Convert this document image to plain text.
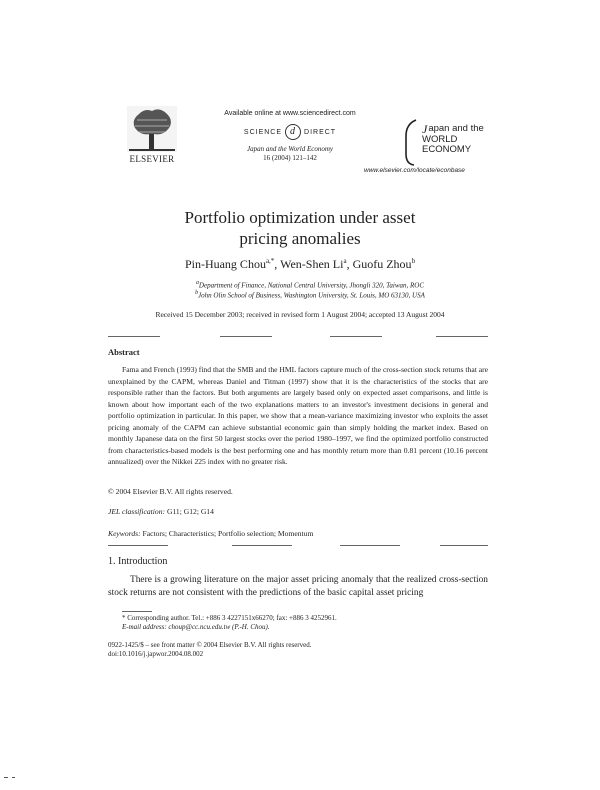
ELSEVIER
Available online at www.sciencedirect.com
SCIENCE d	DIRECT
Japan and the World Economy
16 (2004) 121–142
J apan and the
WORLD
ECONOMY
www.elsevier.com/locate/econbase
Portfolio optimization under asset
pricing anomalies
Pin-Huang Chou$^{a,*}$, Wen-Shen Li$^a$, Guofu Zhou$^b$
$^a$Department of Finance, National Central University, Jhongli 320, Taiwan, ROC
$^b$John Olin School of Business, Washington University, St. Louis, MO 63130, USA
Received 15 December 2003; received in revised form 1 August 2004; accepted 13 August 2004
Abstract
Fama and French (1993) find that the SMB and the HML factors capture much of the cross-section stock returns that are unexplained by the CAPM, whereas Daniel and Titman (1997) show that it is the characteristics of the stocks that are responsible rather than the factors. But both arguments are largely based only on expected asset comparisons, and little is known about how important each of the two explanations matters to an investor's investment decisions in general and portfolio optimization in particular. In this paper, we show that a mean-variance maximizing investor who exploits the asset pricing anomaly of the CAPM can achieve substantial economic gain than simply holding the market index. Based on monthly Japanese data on the first 50 largest stocks over the period 1980–1997, we find the optimized portfolio constructed from characteristics-based models is the best performing one and has monthly return more than 0.81 percent (10.16 percent annualized) over the Nikkei 225 index with no greater risk.
© 2004 Elsevier B.V. All rights reserved.
JEL classification: G11; G12; G14
Keywords: Factors; Characteristics; Portfolio selection; Momentum
1. Introduction
There is a growing literature on the major asset pricing anomaly that the realized cross-section stock returns are not consistent with the predictions of the basic capital asset pricing
* Corresponding author. Tel.: +886 3 4227151x66270; fax: +886 3 4252961.
E-mail address: choup@cc.ncu.edu.tw (P.-H. Chou).
0922-1425/$ – see front matter © 2004 Elsevier B.V. All rights reserved.
doi:10.1016/j.japwor.2004.08.002
